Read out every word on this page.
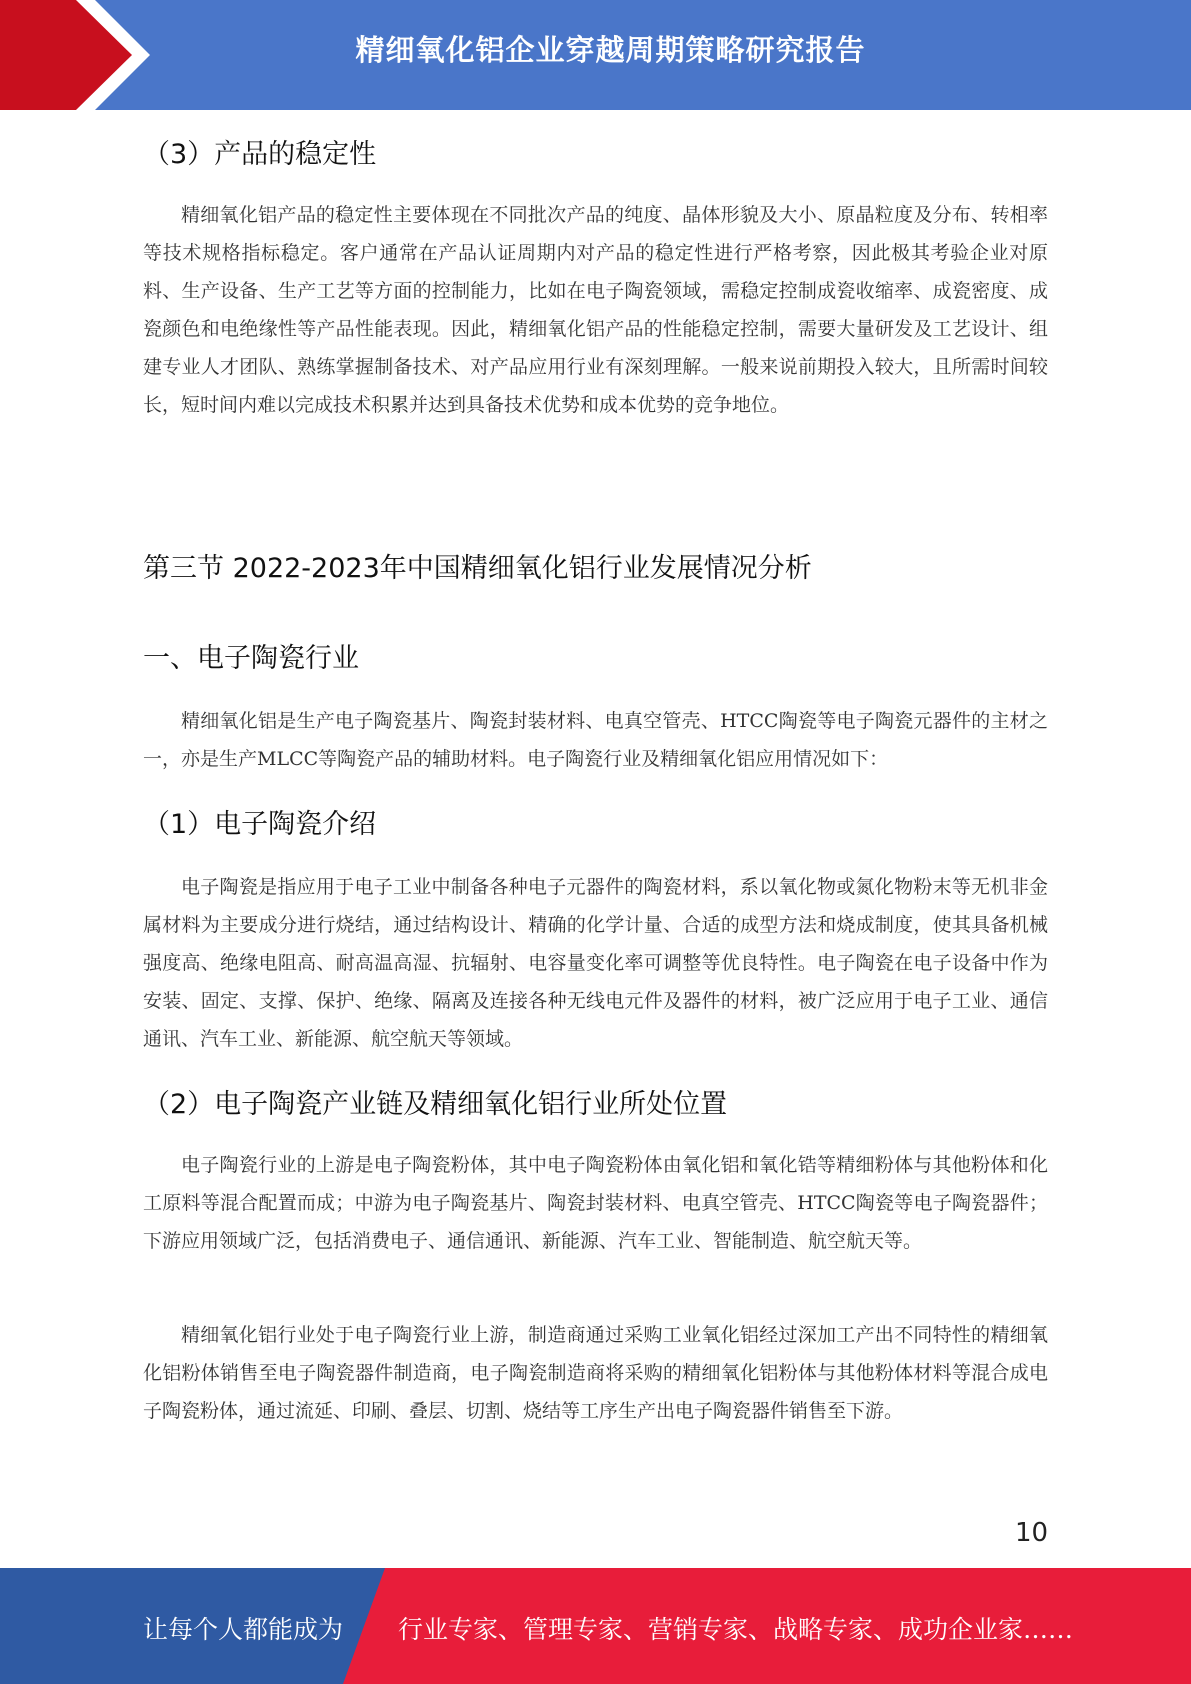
精细氧化铝企业穿越周期策略研究报告
（3）产品的稳定性
精细氧化铝产品的稳定性主要体现在不同批次产品的纯度、晶体形貌及大小、原晶粒度及分布、转相率等技术规格指标稳定。客户通常在产品认证周期内对产品的稳定性进行严格考察，因此极其考验企业对原料、生产设备、生产工艺等方面的控制能力，比如在电子陶瓷领域，需稳定控制成瓷收缩率、成瓷密度、成瓷颜色和电绝缘性等产品性能表现。因此，精细氧化铝产品的性能稳定控制，需要大量研发及工艺设计、组建专业人才团队、熟练掌握制备技术、对产品应用行业有深刻理解。一般来说前期投入较大，且所需时间较长，短时间内难以完成技术积累并达到具备技术优势和成本优势的竞争地位。
第三节 2022-2023年中国精细氧化铝行业发展情况分析
一、电子陶瓷行业
精细氧化铝是生产电子陶瓷基片、陶瓷封装材料、电真空管壳、HTCC陶瓷等电子陶瓷元器件的主材之一，亦是生产MLCC等陶瓷产品的辅助材料。电子陶瓷行业及精细氧化铝应用情况如下：
（1）电子陶瓷介绍
电子陶瓷是指应用于电子工业中制备各种电子元器件的陶瓷材料，系以氧化物或氮化物粉末等无机非金属材料为主要成分进行烧结，通过结构设计、精确的化学计量、合适的成型方法和烧成制度，使其具备机械强度高、绝缘电阻高、耐高温高湿、抗辐射、电容量变化率可调整等优良特性。电子陶瓷在电子设备中作为安装、固定、支撑、保护、绝缘、隔离及连接各种无线电元件及器件的材料，被广泛应用于电子工业、通信通讯、汽车工业、新能源、航空航天等领域。
（2）电子陶瓷产业链及精细氧化铝行业所处位置
电子陶瓷行业的上游是电子陶瓷粉体，其中电子陶瓷粉体由氧化铝和氧化锆等精细粉体与其他粉体和化工原料等混合配置而成；中游为电子陶瓷基片、陶瓷封装材料、电真空管壳、HTCC陶瓷等电子陶瓷器件；下游应用领域广泛，包括消费电子、通信通讯、新能源、汽车工业、智能制造、航空航天等。
精细氧化铝行业处于电子陶瓷行业上游，制造商通过采购工业氧化铝经过深加工产出不同特性的精细氧化铝粉体销售至电子陶瓷器件制造商，电子陶瓷制造商将采购的精细氧化铝粉体与其他粉体材料等混合成电子陶瓷粉体，通过流延、印刷、叠层、切割、烧结等工序生产出电子陶瓷器件销售至下游。
10
让每个人都能成为 行业专家、管理专家、营销专家、战略专家、成功企业家……
